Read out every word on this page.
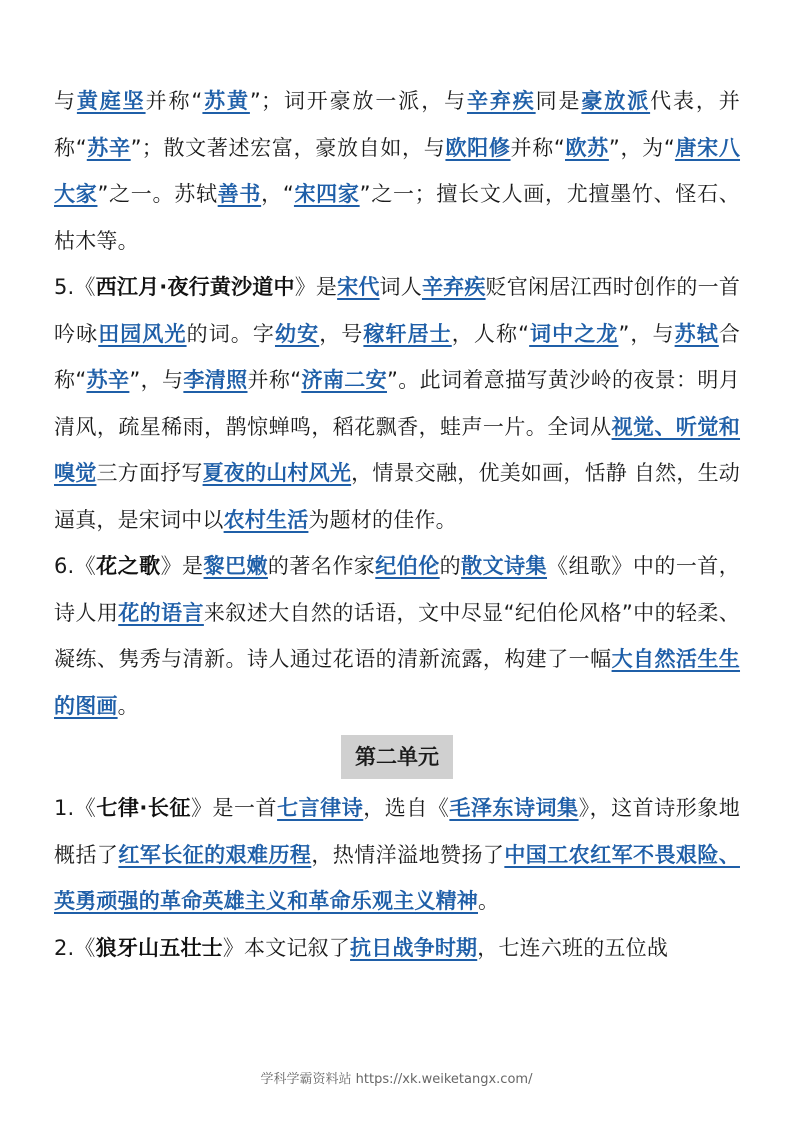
与黄庭坚并称“苏黄”；词开豪放一派，与辛弃疾同是豪放派代表，并称“苏辛”；散文著述宏富，豪放自如，与欧阳修并称“欧苏”，为“唐宋八大家”之一。苏轼善书，“宋四家”之一；擅长文人画，尤擅墨竹、怪石、枯木等。

5.《西江月·夜行黄沙道中》是宋代词人辛弃疾贬官闲居江西时创作的一首吟咏田园风光的词。字幼安，号稼轩居士，人称“词中之龙”，与苏轼合称“苏辛”，与李清照并称“济南二安”。此词着意描写黄沙岭的夜景：明月清风，疏星稀雨，鹊惊蝉鸣，稻花飘香，蛙声一片。全词从视觉、听觉和嗅觉三方面抒写夏夜的山村风光，情景交融，优美如画，恬静 自然，生动逼真，是宋词中以农村生活为题材的佳作。

6.《花之歌》是黎巴嫩的著名作家纪伯伦的散文诗集《组歌》中的一首，诗人用花的语言来叙述大自然的话语，文中尽显“纪伯伦风格”中的轻柔、凝练、隽秀与清新。诗人通过花语的清新流露，构建了一幅大自然活生生的图画。

第二单元

1.《七律·长征》是一首七言律诗，选自《毛泽东诗词集》，这首诗形象地概括了红军长征的艰难历程，热情洋溢地赞扬了中国工农红军不畏艰险、英勇顽强的革命英雄主义和革命乐观主义精神。

2.《狼牙山五壮士》本文记叙了抗日战争时期，七连六班的五位战

学科学霸资料站 https://xk.weiketangx.com/
